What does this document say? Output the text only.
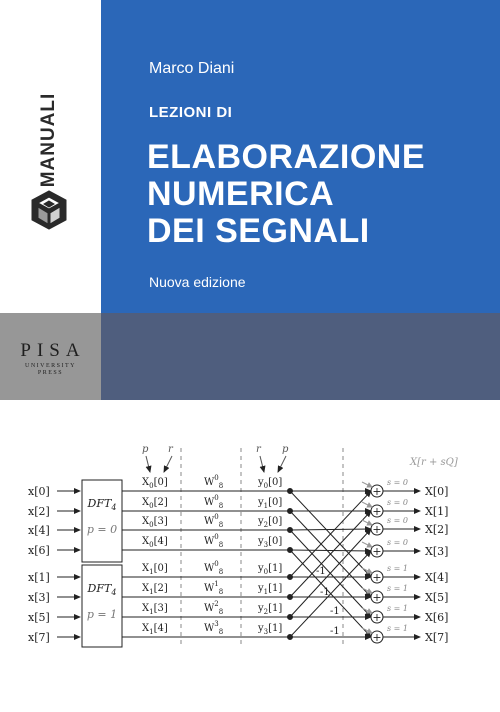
MANUALI
Marco Diani
LEZIONI DI
ELABORAZIONE
NUMERICA
DEI SEGNALI
Nuova edizione
PISA
UNIVERSITY
PRESS
$DFT_4$
p = 0
$DFT_4$
p = 1
x[0]
x[2]
x[4]
x[6]
x[1]
x[3]
x[5]
x[7]
p r	r p
$X_0[0]$
$X_0[2]$
$X_0[3]$
$X_0[4]$
$X_1[0]$
$X_1[2]$
$X_1[3]$
$X_1[4]$
$W^0_8$
$W^0_8$
$W^0_8$
$W^0_8$
$W^0_8$
$W^1_8$
$W^2_8$
$W^3_8$
$y_0[0]$
$y_1[0]$
$y_2[0]$
$y_3[0]$
$y_0[1]$
$y_1[1]$
$y_2[1]$
$y_3[1]$
-1
-1
-1
-1
+
s = 0
X[0]
+
s = 0
X[1]
+
s = 0
X[2]
+
s = 0
X[3]
+
s = 1
X[4]
+
s = 1
X[5]
+
s = 1
X[6]
+
s = 1
X[7]
X[r + sQ]
